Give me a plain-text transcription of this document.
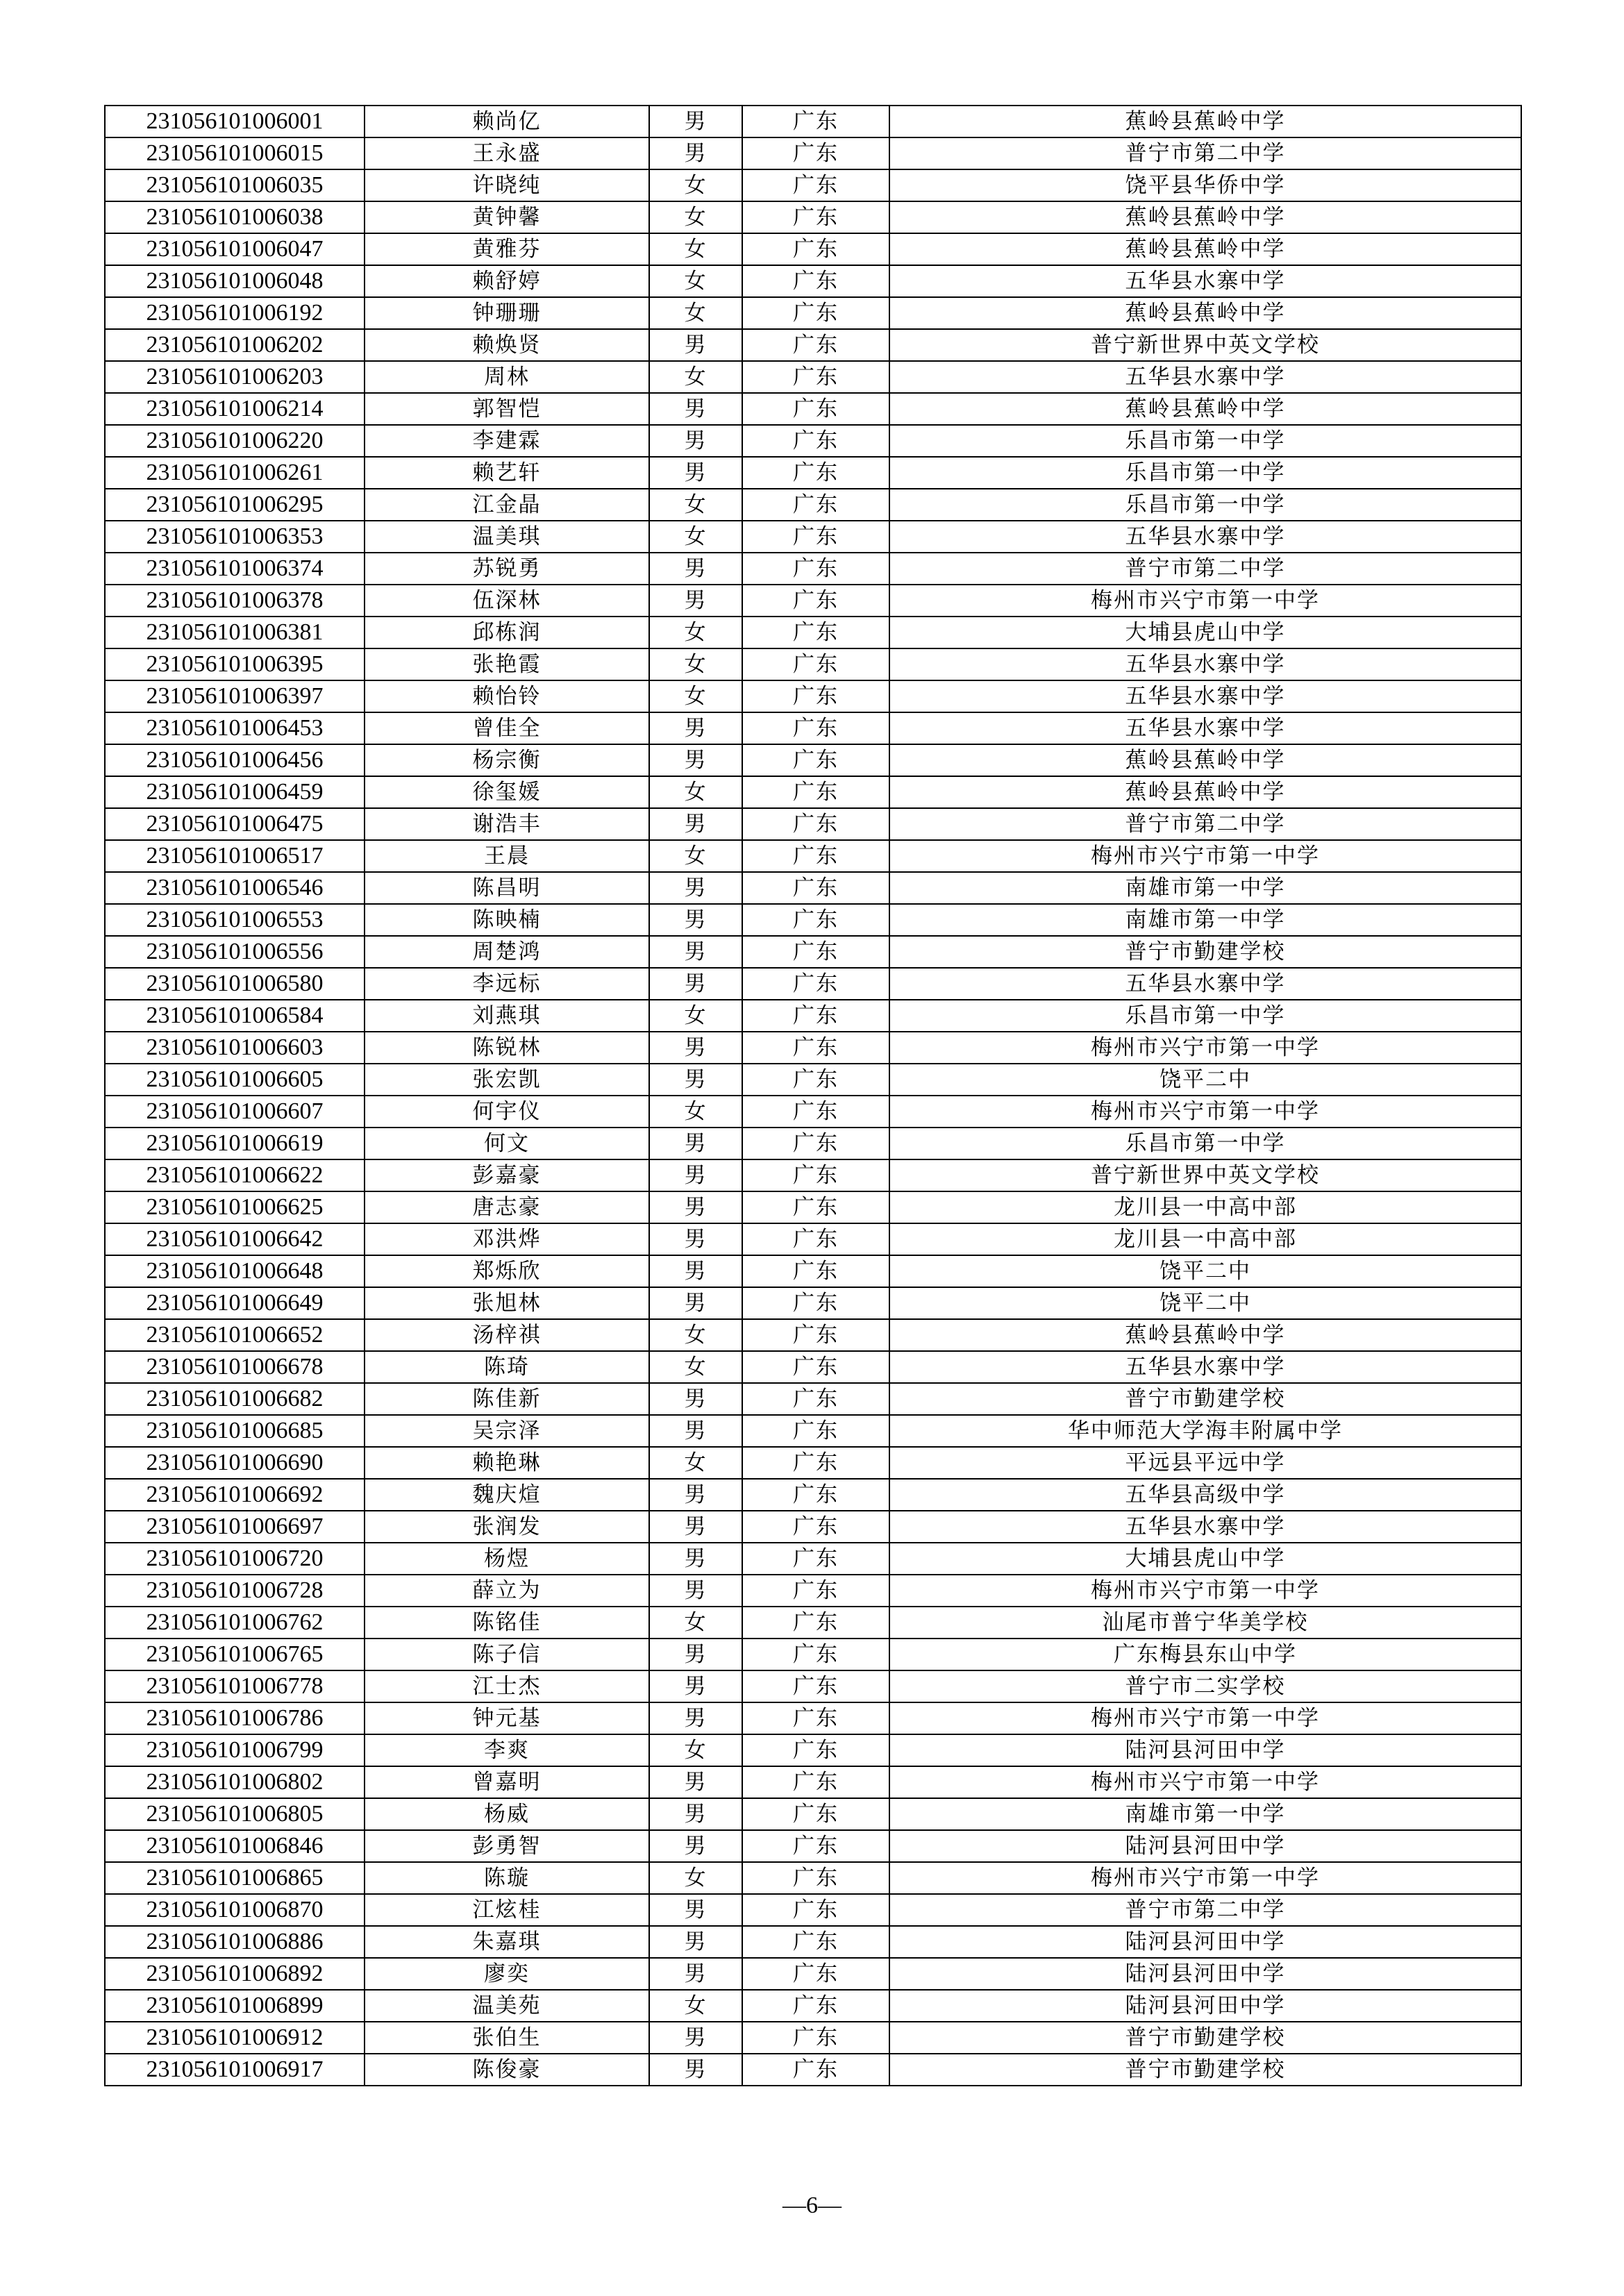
231056101006001	赖尚亿	男	广东	蕉岭县蕉岭中学
231056101006015	王永盛	男	广东	普宁市第二中学
231056101006035	许晓纯	女	广东	饶平县华侨中学
231056101006038	黄钟馨	女	广东	蕉岭县蕉岭中学
231056101006047	黄雅芬	女	广东	蕉岭县蕉岭中学
231056101006048	赖舒婷	女	广东	五华县水寨中学
231056101006192	钟珊珊	女	广东	蕉岭县蕉岭中学
231056101006202	赖焕贤	男	广东	普宁新世界中英文学校
231056101006203	周林	女	广东	五华县水寨中学
231056101006214	郭智恺	男	广东	蕉岭县蕉岭中学
231056101006220	李建霖	男	广东	乐昌市第一中学
231056101006261	赖艺轩	男	广东	乐昌市第一中学
231056101006295	江金晶	女	广东	乐昌市第一中学
231056101006353	温美琪	女	广东	五华县水寨中学
231056101006374	苏锐勇	男	广东	普宁市第二中学
231056101006378	伍深林	男	广东	梅州市兴宁市第一中学
231056101006381	邱栋润	女	广东	大埔县虎山中学
231056101006395	张艳霞	女	广东	五华县水寨中学
231056101006397	赖怡铃	女	广东	五华县水寨中学
231056101006453	曾佳全	男	广东	五华县水寨中学
231056101006456	杨宗衡	男	广东	蕉岭县蕉岭中学
231056101006459	徐玺媛	女	广东	蕉岭县蕉岭中学
231056101006475	谢浩丰	男	广东	普宁市第二中学
231056101006517	王晨	女	广东	梅州市兴宁市第一中学
231056101006546	陈昌明	男	广东	南雄市第一中学
231056101006553	陈映楠	男	广东	南雄市第一中学
231056101006556	周楚鸿	男	广东	普宁市勤建学校
231056101006580	李远标	男	广东	五华县水寨中学
231056101006584	刘燕琪	女	广东	乐昌市第一中学
231056101006603	陈锐林	男	广东	梅州市兴宁市第一中学
231056101006605	张宏凯	男	广东	饶平二中
231056101006607	何宇仪	女	广东	梅州市兴宁市第一中学
231056101006619	何文	男	广东	乐昌市第一中学
231056101006622	彭嘉豪	男	广东	普宁新世界中英文学校
231056101006625	唐志豪	男	广东	龙川县一中高中部
231056101006642	邓洪烨	男	广东	龙川县一中高中部
231056101006648	郑烁欣	男	广东	饶平二中
231056101006649	张旭林	男	广东	饶平二中
231056101006652	汤梓祺	女	广东	蕉岭县蕉岭中学
231056101006678	陈琦	女	广东	五华县水寨中学
231056101006682	陈佳新	男	广东	普宁市勤建学校
231056101006685	吴宗泽	男	广东	华中师范大学海丰附属中学
231056101006690	赖艳琳	女	广东	平远县平远中学
231056101006692	魏庆煊	男	广东	五华县高级中学
231056101006697	张润发	男	广东	五华县水寨中学
231056101006720	杨煜	男	广东	大埔县虎山中学
231056101006728	薛立为	男	广东	梅州市兴宁市第一中学
231056101006762	陈铭佳	女	广东	汕尾市普宁华美学校
231056101006765	陈子信	男	广东	广东梅县东山中学
231056101006778	江士杰	男	广东	普宁市二实学校
231056101006786	钟元基	男	广东	梅州市兴宁市第一中学
231056101006799	李爽	女	广东	陆河县河田中学
231056101006802	曾嘉明	男	广东	梅州市兴宁市第一中学
231056101006805	杨威	男	广东	南雄市第一中学
231056101006846	彭勇智	男	广东	陆河县河田中学
231056101006865	陈璇	女	广东	梅州市兴宁市第一中学
231056101006870	江炫桂	男	广东	普宁市第二中学
231056101006886	朱嘉琪	男	广东	陆河县河田中学
231056101006892	廖奕	男	广东	陆河县河田中学
231056101006899	温美苑	女	广东	陆河县河田中学
231056101006912	张伯生	男	广东	普宁市勤建学校
231056101006917	陈俊豪	男	广东	普宁市勤建学校
—6—
